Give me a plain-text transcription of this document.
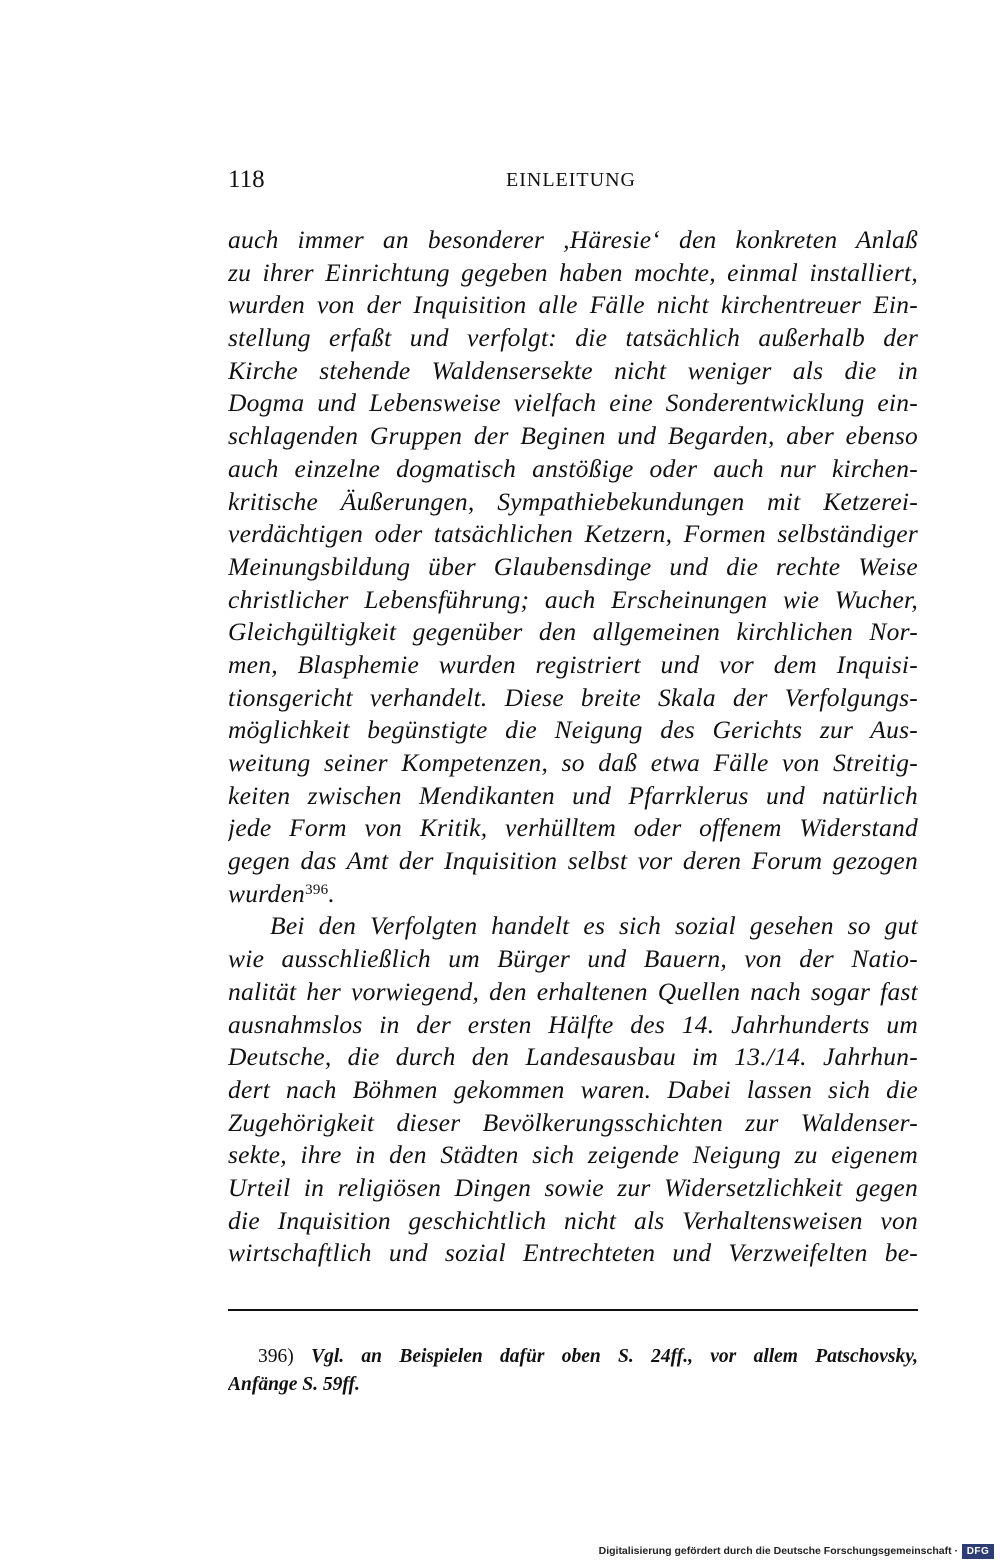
118	EINLEITUNG
auch immer an besonderer ,Häresie‘ den konkreten Anlaß
zu ihrer Einrichtung gegeben haben mochte, einmal installiert,
wurden von der Inquisition alle Fälle nicht kirchentreuer Ein-
stellung erfaßt und verfolgt: die tatsächlich außerhalb der
Kirche stehende Waldensersekte nicht weniger als die in
Dogma und Lebensweise vielfach eine Sonderentwicklung ein-
schlagenden Gruppen der Beginen und Begarden, aber ebenso
auch einzelne dogmatisch anstößige oder auch nur kirchen-
kritische Äußerungen, Sympathiebekundungen mit Ketzerei-
verdächtigen oder tatsächlichen Ketzern, Formen selbständiger
Meinungsbildung über Glaubensdinge und die rechte Weise
christlicher Lebensführung; auch Erscheinungen wie Wucher,
Gleichgültigkeit gegenüber den allgemeinen kirchlichen Nor-
men, Blasphemie wurden registriert und vor dem Inquisi-
tionsgericht verhandelt. Diese breite Skala der Verfolgungs-
möglichkeit begünstigte die Neigung des Gerichts zur Aus-
weitung seiner Kompetenzen, so daß etwa Fälle von Streitig-
keiten zwischen Mendikanten und Pfarrklerus und natürlich
jede Form von Kritik, verhülltem oder offenem Widerstand
gegen das Amt der Inquisition selbst vor deren Forum gezogen
wurden$^{396}$.
Bei den Verfolgten handelt es sich sozial gesehen so gut
wie ausschließlich um Bürger und Bauern, von der Natio-
nalität her vorwiegend, den erhaltenen Quellen nach sogar fast
ausnahmslos in der ersten Hälfte des 14. Jahrhunderts um
Deutsche, die durch den Landesausbau im 13./14. Jahrhun-
dert nach Böhmen gekommen waren. Dabei lassen sich die
Zugehörigkeit dieser Bevölkerungsschichten zur Waldenser-
sekte, ihre in den Städten sich zeigende Neigung zu eigenem
Urteil in religiösen Dingen sowie zur Widersetzlichkeit gegen
die Inquisition geschichtlich nicht als Verhaltensweisen von
wirtschaftlich und sozial Entrechteten und Verzweifelten be-
396) Vgl. an Beispielen dafür oben S. 24ff., vor allem Patschovsky,
Anfänge S. 59ff.
Digitalisierung gefördert durch die Deutsche Forschungsgemeinschaft · DFG
